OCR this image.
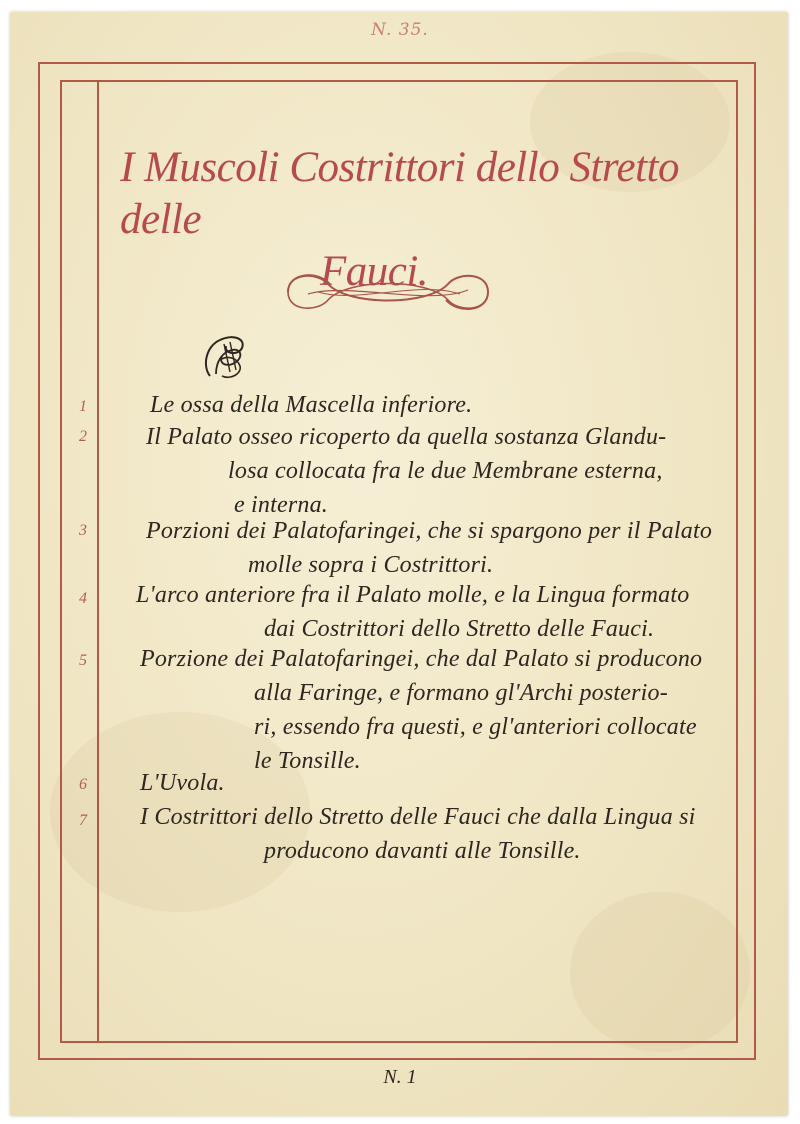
N. 35.
I Muscoli Costrittori dello Stretto delle
Fauci.
1
2
3
4
5
6
7
Le ossa della Mascella inferiore.
Il Palato osseo ricoperto da quella sostanza Glandu-
losa collocata fra le due Membrane esterna,
e interna.
Porzioni dei Palatofaringei, che si spargono per il Palato
molle sopra i Costrittori.
L'arco anteriore fra il Palato molle, e la Lingua formato
dai Costrittori dello Stretto delle Fauci.
Porzione dei Palatofaringei, che dal Palato si producono
alla Faringe, e formano gl'Archi posterio-
ri, essendo fra questi, e gl'anteriori collocate
le Tonsille.
L'Uvola.
I Costrittori dello Stretto delle Fauci che dalla Lingua si
producono davanti alle Tonsille.
N. 1
